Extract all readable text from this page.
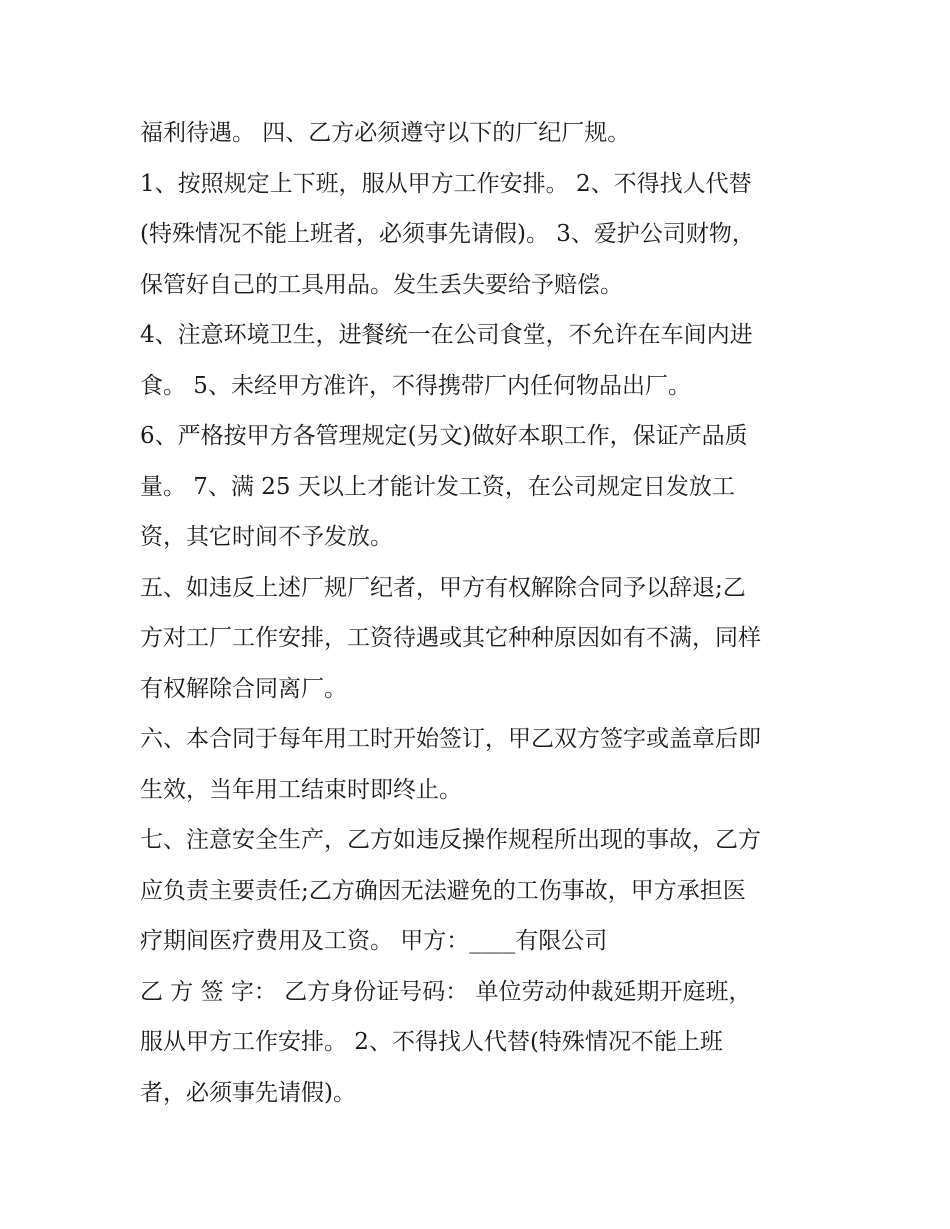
福利待遇。 四、乙方必须遵守以下的厂纪厂规。
1、按照规定上下班，服从甲方工作安排。 2、不得找人代替
(特殊情况不能上班者，必须事先请假)。 3、爱护公司财物，
保管好自己的工具用品。发生丢失要给予赔偿。
4、注意环境卫生，进餐统一在公司食堂，不允许在车间内进
食。 5、未经甲方准许，不得携带厂内任何物品出厂。
6、严格按甲方各管理规定(另文)做好本职工作，保证产品质
量。 7、满 25 天以上才能计发工资，在公司规定日发放工
资，其它时间不予发放。
五、如违反上述厂规厂纪者，甲方有权解除合同予以辞退;乙
方对工厂工作安排，工资待遇或其它种种原因如有不满，同样
有权解除合同离厂。
六、本合同于每年用工时开始签订，甲乙双方签字或盖章后即
生效，当年用工结束时即终止。
七、注意安全生产，乙方如违反操作规程所出现的事故，乙方
应负责主要责任;乙方确因无法避免的工伤事故，甲方承担医
疗期间医疗费用及工资。 甲方：____有限公司
乙 方 签 字： 乙方身份证号码： 单位劳动仲裁延期开庭班，
服从甲方工作安排。 2、不得找人代替(特殊情况不能上班
者，必须事先请假)。
